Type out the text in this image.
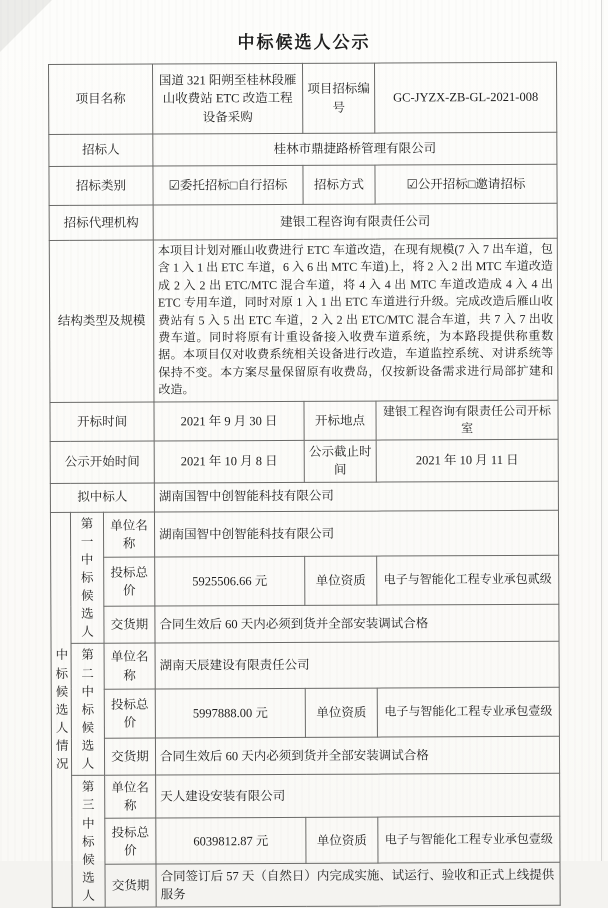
中标候选人公示
项目名称			国道 321 阳朔至桂林段雁山收费站 ETC 改造工程设备采购	项目招标编号	GC-JYZX-ZB-GL-2021-008
招标人			桂林市鼎捷路桥管理有限公司		
招标类别			☑委托招标□自行招标	招标方式	☑公开招标□邀请招标
招标代理机构			建银工程咨询有限责任公司		
结构类型及规模			本项目计划对雁山收费进行 ETC 车道改造，在现有规模(7 入 7 出车道，包含 1 入 1 出 ETC 车道，6 入 6 出 MTC 车道)上，将 2 入 2 出 MTC 车道改造成 2 入 2 出 ETC/MTC 混合车道，将 4 入 4 出 MTC 车道改造成 4 入 4 出 ETC 专用车道，同时对原 1 入 1 出 ETC 车道进行升级。完成改造后雁山收费站有 5 入 5 出 ETC 车道，2 入 2 出 ETC/MTC 混合车道，共 7 入 7 出收费车道。同时将原有计重设备接入收费车道系统，为本路段提供称重数据。本项目仅对收费系统相关设备进行改造，车道监控系统、对讲系统等保持不变。本方案尽量保留原有收费岛，仅按新设备需求进行局部扩建和改造。		
开标时间			2021 年 9 月 30 日	开标地点	建银工程咨询有限责任公司开标室
公示开始时间			2021 年 10 月 8 日	公示截止时间	2021 年 10 月 11 日
拟中标人			湖南国智中创智能科技有限公司		
中标候选人情况	第一中标候选人	单位名称	湖南国智中创智能科技有限公司		
		投标总价	5925506.66 元	单位资质	电子与智能化工程专业承包贰级
		交货期	合同生效后 60 天内必须到货并全部安装调试合格		
	第二中标候选人	单位名称	湖南天辰建设有限责任公司		
		投标总价	5997888.00 元	单位资质	电子与智能化工程专业承包壹级
		交货期	合同生效后 60 天内必须到货并全部安装调试合格		
	第三中标候选人	单位名称	天人建设安装有限公司		
		投标总价	6039812.87 元	单位资质	电子与智能化工程专业承包壹级
		交货期	合同签订后 57 天（自然日）内完成实施、试运行、验收和正式上线提供服务		
